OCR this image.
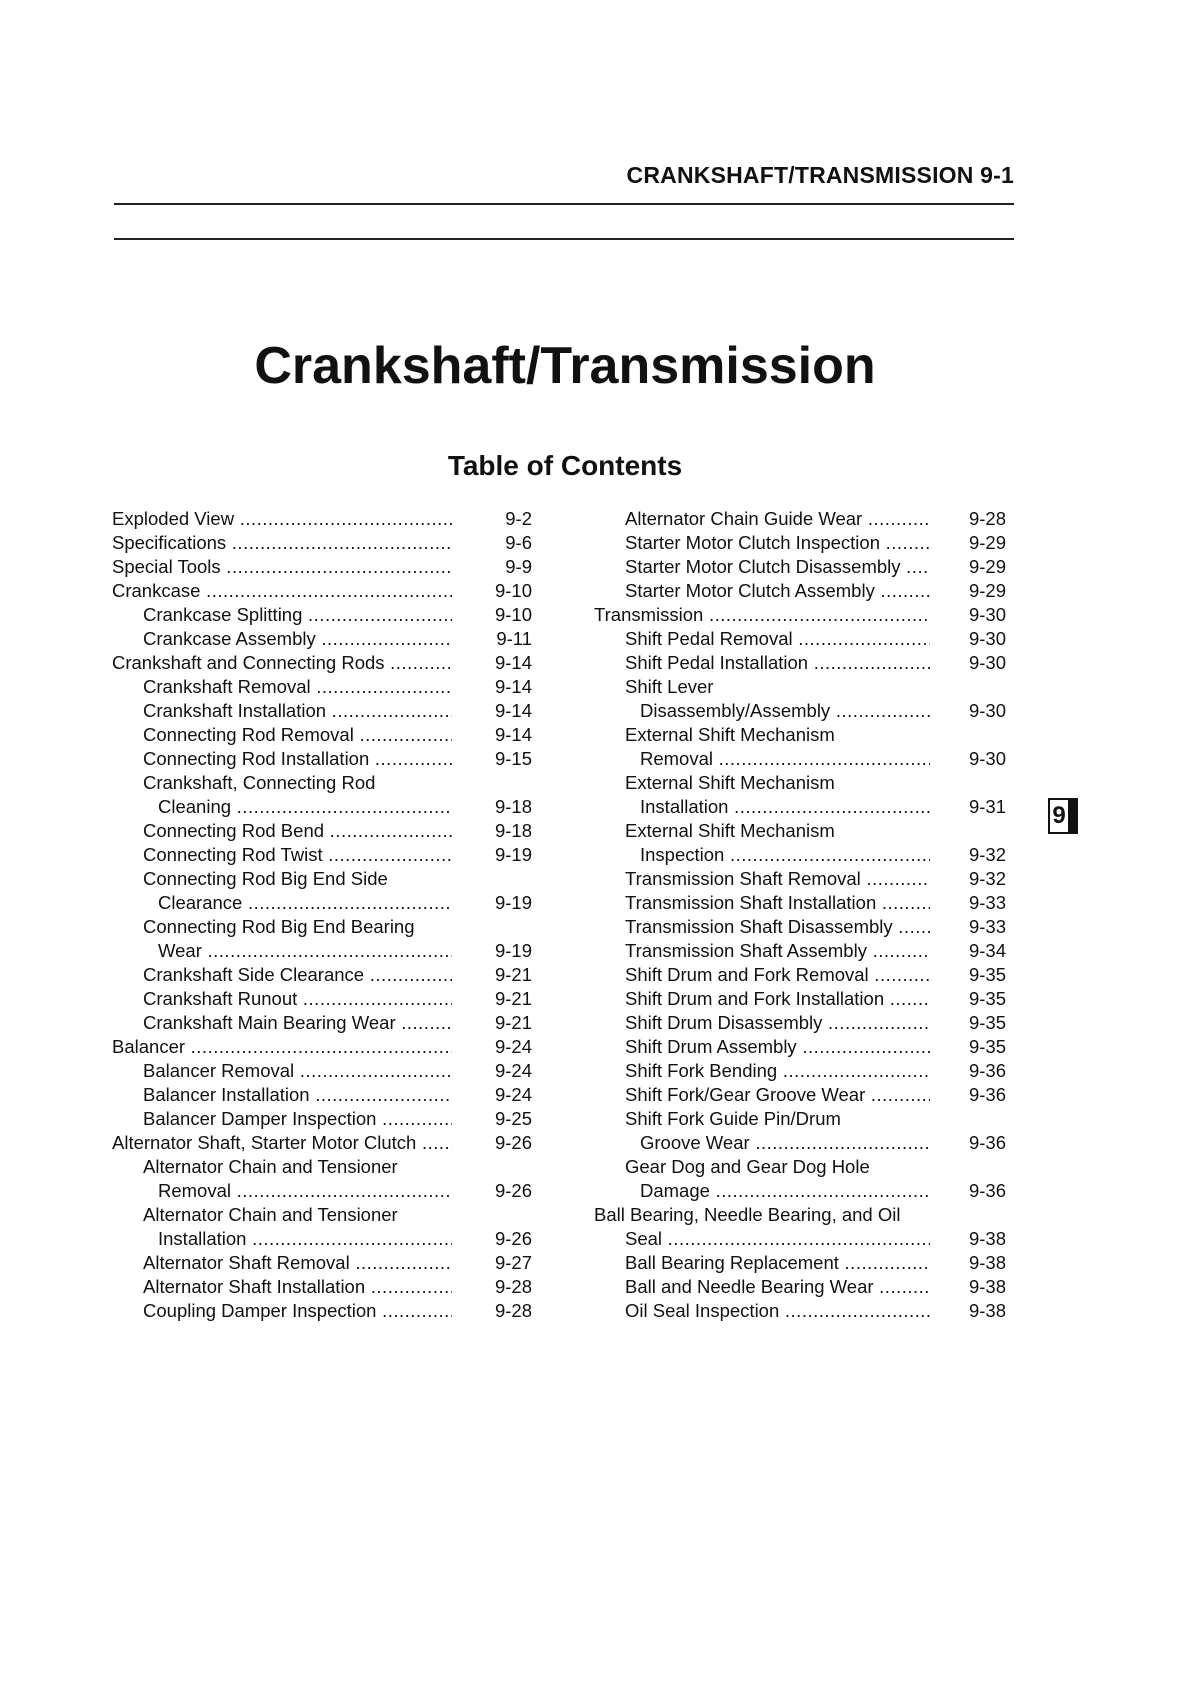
CRANKSHAFT/TRANSMISSION 9-1
Crankshaft/Transmission
Table of Contents
Exploded View .....	9-2
Specifications .....	9-6
Special Tools .....	9-9
Crankcase .....	9-10
Crankcase Splitting .....	9-10
Crankcase Assembly .....	9-11
Crankshaft and Connecting Rods .....	9-14
Crankshaft Removal .....	9-14
Crankshaft Installation .....	9-14
Connecting Rod Removal .....	9-14
Connecting Rod Installation .....	9-15
Crankshaft, Connecting Rod
Cleaning .....	9-18
Connecting Rod Bend .....	9-18
Connecting Rod Twist .....	9-19
Connecting Rod Big End Side
Clearance .....	9-19
Connecting Rod Big End Bearing
Wear .....	9-19
Crankshaft Side Clearance .....	9-21
Crankshaft Runout .....	9-21
Crankshaft Main Bearing Wear .....	9-21
Balancer .....	9-24
Balancer Removal .....	9-24
Balancer Installation .....	9-24
Balancer Damper Inspection .....	9-25
Alternator Shaft, Starter Motor Clutch .....	9-26
Alternator Chain and Tensioner
Removal .....	9-26
Alternator Chain and Tensioner
Installation .....	9-26
Alternator Shaft Removal .....	9-27
Alternator Shaft Installation .....	9-28
Coupling Damper Inspection .....	9-28
Alternator Chain Guide Wear .....	9-28
Starter Motor Clutch Inspection .....	9-29
Starter Motor Clutch Disassembly .....	9-29
Starter Motor Clutch Assembly .....	9-29
Transmission .....	9-30
Shift Pedal Removal .....	9-30
Shift Pedal Installation .....	9-30
Shift Lever
Disassembly/Assembly .....	9-30
External Shift Mechanism
Removal .....	9-30
External Shift Mechanism
Installation .....	9-31
External Shift Mechanism
Inspection .....	9-32
Transmission Shaft Removal .....	9-32
Transmission Shaft Installation .....	9-33
Transmission Shaft Disassembly .....	9-33
Transmission Shaft Assembly .....	9-34
Shift Drum and Fork Removal .....	9-35
Shift Drum and Fork Installation .....	9-35
Shift Drum Disassembly .....	9-35
Shift Drum Assembly .....	9-35
Shift Fork Bending .....	9-36
Shift Fork/Gear Groove Wear .....	9-36
Shift Fork Guide Pin/Drum
Groove Wear .....	9-36
Gear Dog and Gear Dog Hole
Damage .....	9-36
Ball Bearing, Needle Bearing, and Oil
Seal .....	9-38
Ball Bearing Replacement .....	9-38
Ball and Needle Bearing Wear .....	9-38
Oil Seal Inspection .....	9-38
9
